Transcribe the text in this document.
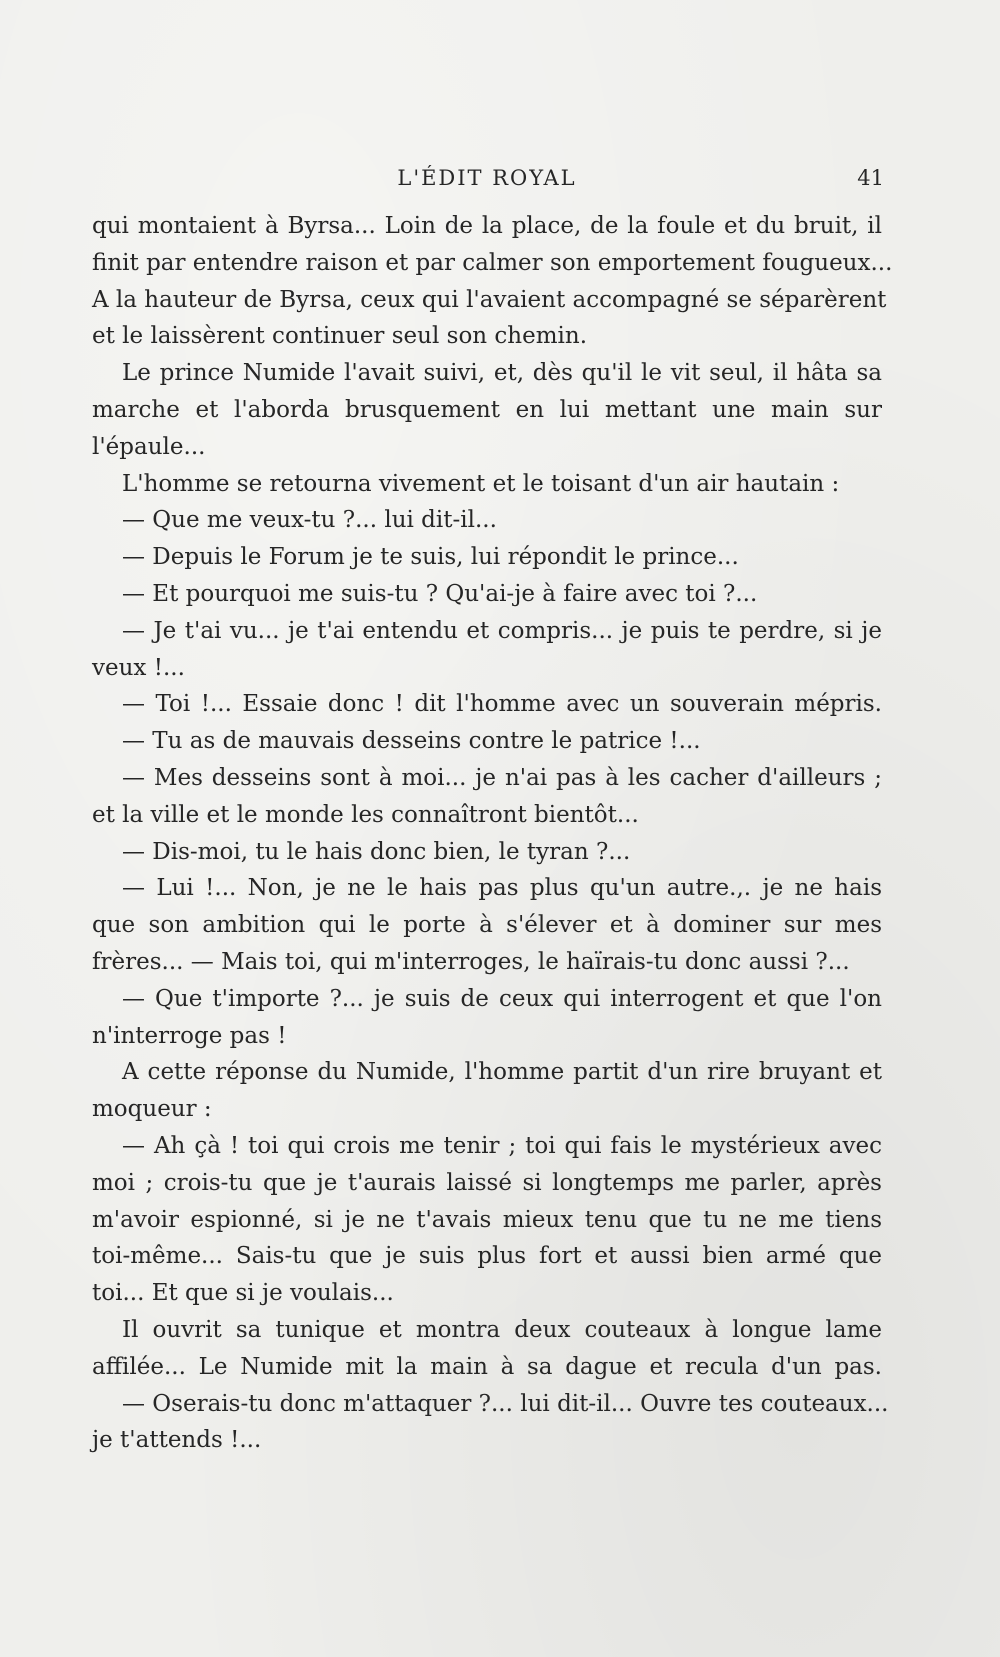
L'ÉDIT ROYAL	41
qui montaient à Byrsa... Loin de la place, de la foule et du bruit, il
finit par entendre raison et par calmer son emportement fougueux...
A la hauteur de Byrsa, ceux qui l'avaient accompagné se séparèrent
et le laissèrent continuer seul son chemin.
Le prince Numide l'avait suivi, et, dès qu'il le vit seul, il hâta sa
marche et l'aborda brusquement en lui mettant une main sur
l'épaule...
L'homme se retourna vivement et le toisant d'un air hautain :
— Que me veux-tu ?... lui dit-il...
— Depuis le Forum je te suis, lui répondit le prince...
— Et pourquoi me suis-tu ? Qu'ai-je à faire avec toi ?...
— Je t'ai vu... je t'ai entendu et compris... je puis te perdre, si je
veux !...
— Toi !... Essaie donc ! dit l'homme avec un souverain mépris.
— Tu as de mauvais desseins contre le patrice !...
— Mes desseins sont à moi... je n'ai pas à les cacher d'ailleurs ;
et la ville et le monde les connaîtront bientôt...
— Dis-moi, tu le hais donc bien, le tyran ?...
— Lui !... Non, je ne le hais pas plus qu'un autre.,. je ne hais
que son ambition qui le porte à s'élever et à dominer sur mes
frères... — Mais toi, qui m'interroges, le haïrais-tu donc aussi ?...
— Que t'importe ?... je suis de ceux qui interrogent et que l'on
n'interroge pas !
A cette réponse du Numide, l'homme partit d'un rire bruyant et
moqueur :
— Ah çà ! toi qui crois me tenir ; toi qui fais le mystérieux avec
moi ; crois-tu que je t'aurais laissé si longtemps me parler, après
m'avoir espionné, si je ne t'avais mieux tenu que tu ne me tiens
toi-même... Sais-tu que je suis plus fort et aussi bien armé que
toi... Et que si je voulais...
Il ouvrit sa tunique et montra deux couteaux à longue lame
affilée... Le Numide mit la main à sa dague et recula d'un pas.
— Oserais-tu donc m'attaquer ?... lui dit-il... Ouvre tes couteaux...
je t'attends !...
